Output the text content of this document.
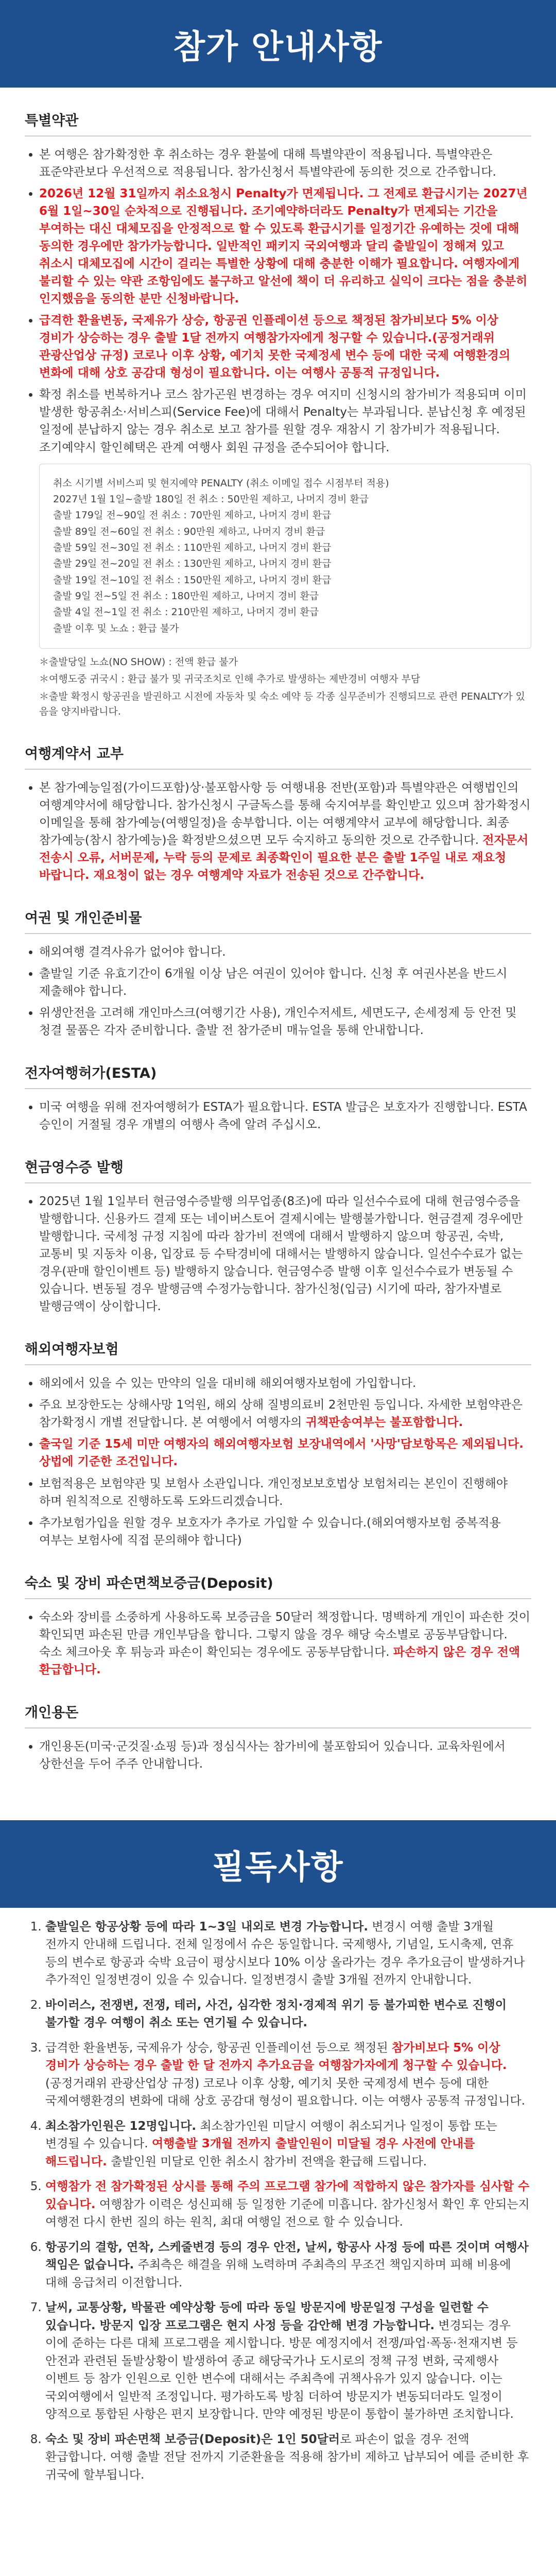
참가 안내사항
특별약관
• 본 여행은 참가확정한 후 취소하는 경우 환불에 대해 특별약관이 적용됩니다. 특별약관은 표준약관보다 우선적으로 적용됩니다. 참가신청서 특별약관에 동의한 것으로 간주합니다.
• 2026년 12월 31일까지 취소요청시 Penalty가 면제됩니다. 그 전제로 환급시기는 2027년 6월 1일~30일 순차적으로 진행됩니다. 조기예약하더라도 Penalty가 면제되는 기간을 부여하는 대신 대체모집을 안정적으로 할 수 있도록 환급시기를 일정기간 유예하는 것에 대해 동의한 경우에만 참가가능합니다. 일반적인 패키지 국외여행과 달리 출발일이 정해져 있고 취소시 대체모집에 시간이 걸리는 특별한 상황에 대해 충분한 이해가 필요합니다. 여행자에게 불리할 수 있는 약관 조항임에도 불구하고 알선에 책이 더 유리하고 실익이 크다는 점을 충분히 인지했음을 동의한 분만 신청바랍니다.
• 급격한 환율변동, 국제유가 상승, 항공권 인플레이션 등으로 책정된 참가비보다 5% 이상 경비가 상승하는 경우 출발 1달 전까지 여행참가자에게 청구할 수 있습니다.(공정거래위 관광산업상 규정) 코로나 이후 상황, 예기치 못한 국제정세 변수 등에 대한 국제 여행환경의 변화에 대해 상호 공감대 형성이 필요합니다. 이는 여행사 공통적 규정입니다.
• 확정 취소를 번복하거나 코스 참가곤원 변경하는 경우 여지미 신청시의 참가비가 적용되며 이미 발생한 항공취소·서비스피(Service Fee)에 대해서 Penalty는 부과됩니다. 분납신청 후 예정된 일정에 분납하지 않는 경우 취소로 보고 참가를 원할 경우 재참시 기 참가비가 적용됩니다. 조기예약시 할인혜택은 관계 여행사 회원 규정을 준수되어야 합니다.
취소 시기별 서비스피 및 현지예약 PENALTY (취소 이메일 접수 시점부터 적용)
2027년 1월 1일~출발 180일 전 취소 : 50만원 제하고, 나머지 경비 환급
출발 179일 전~90일 전 취소 : 70만원 제하고, 나머지 경비 환급
출발 89일 전~60일 전 취소 : 90만원 제하고, 나머지 경비 환급
출발 59일 전~30일 전 취소 : 110만원 제하고, 나머지 경비 환급
출발 29일 전~20일 전 취소 : 130만원 제하고, 나머지 경비 환급
출발 19일 전~10일 전 취소 : 150만원 제하고, 나머지 경비 환급
출발 9일 전~5일 전 취소 : 180만원 제하고, 나머지 경비 환급
출발 4일 전~1일 전 취소 : 210만원 제하고, 나머지 경비 환급
출발 이후 및 노쇼 : 환급 불가
＊출발당일 노쇼(NO SHOW) : 전액 환급 불가
＊여행도중 귀국시 : 환급 불가 및 귀국조치로 인해 추가로 발생하는 제반경비 여행자 부담
＊출발 확정시 항공권을 발권하고 시전에 자동차 및 숙소 예약 등 각종 실무준비가 진행되므로 관련 PENALTY가 있음을 양지바랍니다.
여행계약서 교부
• 본 참가예능일점(가이드포함)상·불포함사항 등 여행내용 전반(포함)과 특별약관은 여행법인의 여행계약서에 해당합니다. 참가신청시 구글독스를 통해 숙지여부를 확인받고 있으며 참가확정시 이메일을 통해 참가예능(여행일정)을 송부합니다. 이는 여행계약서 교부에 해당합니다. 최종 참가예능(참시 참가예능)을 확정받으셨으면 모두 숙지하고 동의한 것으로 간주합니다. 전자문서 전송시 오류, 서버문제, 누락 등의 문제로 최종확인이 필요한 분은 출발 1주일 내로 재요청 바랍니다. 재요청이 없는 경우 여행계약 자료가 전송된 것으로 간주합니다.
여권 및 개인준비물
• 해외여행 결격사유가 없어야 합니다.
• 출발일 기준 유효기간이 6개월 이상 남은 여권이 있어야 합니다. 신청 후 여권사본을 반드시 제출해야 합니다.
• 위생안전을 고려해 개인마스크(여행기간 사용), 개인수저세트, 세면도구, 손세정제 등 안전 및 청결 물품은 각자 준비합니다. 출발 전 참가준비 매뉴얼을 통해 안내합니다.
전자여행허가(ESTA)
• 미국 여행을 위해 전자여행허가 ESTA가 필요합니다. ESTA 발급은 보호자가 진행합니다. ESTA 승인이 거절될 경우 개별의 여행사 측에 알려 주십시오.
현금영수증 발행
• 2025년 1월 1일부터 현금영수증발행 의무업종(8조)에 따라 일선수수료에 대해 현금영수증을 발행합니다. 신용카드 결제 또는 네이버스토어 결제시에는 발행불가합니다. 현금결제 경우에만 발행합니다. 국세청 규정 지침에 따라 참가비 전액에 대해서 발행하지 않으며 항공권, 숙박, 교통비 및 지동차 이용, 입장료 등 수탁경비에 대해서는 발행하지 않습니다. 일선수수료가 없는 경우(판매 할인이벤트 등) 발행하지 않습니다. 현금영수증 발행 이후 일선수수료가 변동될 수 있습니다. 변동될 경우 발행금액 수정가능합니다. 참가신청(입금) 시기에 따라, 참가자별로 발행금액이 상이합니다.
해외여행자보험
• 해외에서 있을 수 있는 만약의 일을 대비해 해외여행자보험에 가입합니다.
• 주요 보장한도는 상해사망 1억원, 해외 상해 질병의료비 2천만원 등입니다. 자세한 보험약관은 참가확정시 개별 전달합니다. 본 여행에서 여행자의 귀책판송여부는 불포함합니다.
• 출국일 기준 15세 미만 여행자의 해외여행자보험 보장내역에서 '사망'담보항목은 제외됩니다. 상법에 기준한 조건입니다.
• 보험적용은 보험약관 및 보험사 소관입니다. 개인정보보호법상 보험처리는 본인이 진행해야 하며 원칙적으로 진행하도록 도와드리겠습니다.
• 추가보험가입을 원할 경우 보호자가 추가로 가입할 수 있습니다.(해외여행자보험 중복적용 여부는 보험사에 직접 문의해야 합니다)
숙소 및 장비 파손면책보증금(Deposit)
• 숙소와 장비를 소중하게 사용하도록 보증금을 50달러 책정합니다. 명백하게 개인이 파손한 것이 확인되면 파손된 만큼 개인부담을 합니다. 그렇지 않을 경우 해당 숙소별로 공동부담합니다. 숙소 체크아웃 후 튀능과 파손이 확인되는 경우에도 공동부담합니다. 파손하지 않은 경우 전액 환급합니다.
개인용돈
• 개인용돈(미국·군것질·쇼핑 등)과 정심식사는 참가비에 불포함되어 있습니다. 교육차원에서 상한선을 두어 주주 안내합니다.
필독사항
1. 출발일은 항공상황 등에 따라 1~3일 내외로 변경 가능합니다. 변경시 여행 출발 3개월 전까지 안내해 드립니다. 전체 일정에서 슈은 동일합니다. 국제행사, 기념일, 도시축제, 연휴 등의 변수로 항공과 숙박 요금이 평상시보다 10% 이상 올라가는 경우 추가요금이 발생하거나 추가적인 일정변경이 있을 수 있습니다. 일정변경시 출발 3개월 전까지 안내합니다.
2. 바이러스, 전쟁변, 전쟁, 테러, 사건, 심각한 정치·경제적 위기 등 불가피한 변수로 진행이 불가할 경우 여행이 취소 또는 연기될 수 있습니다.
3. 급격한 환율변동, 국제유가 상승, 항공권 인플레이션 등으로 책정된 참가비보다 5% 이상 경비가 상승하는 경우 출발 한 달 전까지 추가요금을 여행참가자에게 청구할 수 있습니다. (공정거래위 관광산업상 규정) 코로나 이후 상황, 예기치 못한 국제정세 변수 등에 대한 국제여행환경의 변화에 대해 상호 공감대 형성이 필요합니다. 이는 여행사 공통적 규정입니다.
4. 최소참가인원은 12명입니다. 최소참가인원 미달시 여행이 취소되거나 일정이 통합 또는 변경될 수 있습니다. 여행출발 3개월 전까지 출발인원이 미달될 경우 사전에 안내를 해드립니다. 출발인원 미달로 인한 취소시 참가비 전액을 환급해 드립니다.
5. 여행참가 전 참가확정된 상시를 통해 주의 프로그램 참가에 적합하지 않은 참가자를 심사할 수 있습니다. 여행참가 이력은 성신피해 등 일정한 기준에 미흡니다. 참가신청서 확인 후 안되는지 여행전 다시 한번 질의 하는 원칙, 최대 여행일 전으로 할 수 있습니다.
6. 항공기의 결항, 연착, 스케줄변경 등의 경우 안전, 날씨, 항공사 사정 등에 따른 것이며 여행사 책임은 없습니다. 주최측은 해결을 위해 노력하며 주최측의 무조건 책임지하며 피해 비용에 대해 응급처리 이전합니다.
7. 날씨, 교통상황, 박물관 예약상황 등에 따라 동일 방문지에 방문일정 구성을 일련할 수 있습니다. 방문지 입장 프로그램은 현지 사정 등을 감안해 변경 가능합니다. 변경되는 경우 이에 준하는 다른 대체 프로그램을 제시합니다. 방문 예정지에서 전쟁/파업·폭동·천재지변 등 안전과 관련된 돌발상황이 발생하여 종교 해당국가나 도시로의 정책 규정 변화, 국제행사 이벤트 등 참가 인원으로 인한 변수에 대해서는 주최측에 귀책사유가 있지 않습니다. 이는 국외여행에서 일반적 조정입니다. 평가하도록 방침 더하여 방문지가 변동되더라도 일정이 양적으로 통합된 사항은 편지 보장합니다. 만약 예정된 방문이 통합이 불가하면 조치합니다.
8. 숙소 및 장비 파손면책 보증금(Deposit)은 1인 50달러로 파손이 없을 경우 전액 환급합니다. 여행 출발 전달 전까지 기준환율을 적용해 참가비 제하고 납부되어 예를 준비한 후 귀국에 할부됩니다.
